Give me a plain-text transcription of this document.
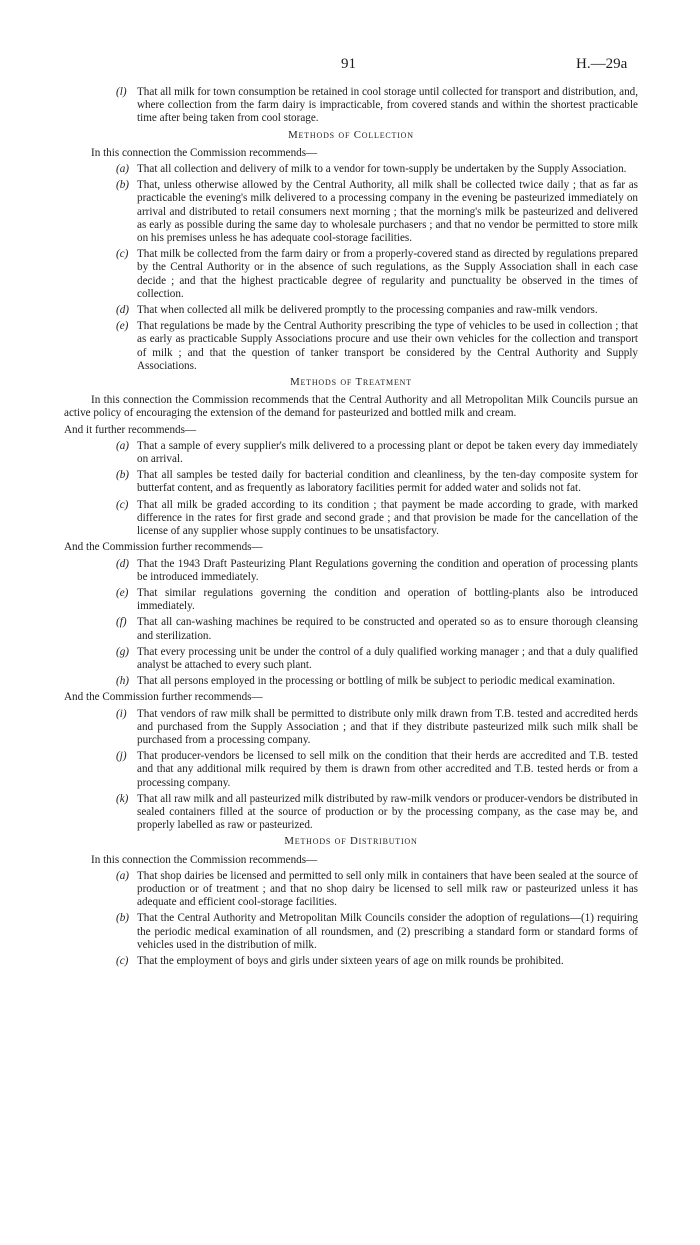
91	H.—29a
(l) That all milk for town consumption be retained in cool storage until collected for transport and distribution, and, where collection from the farm dairy is impracticable, from covered stands and within the shortest practicable time after being taken from cool storage.
Methods of Collection
In this connection the Commission recommends—
(a) That all collection and delivery of milk to a vendor for town-supply be undertaken by the Supply Association.
(b) That, unless otherwise allowed by the Central Authority, all milk shall be collected twice daily ; that as far as practicable the evening's milk delivered to a processing company in the evening be pasteurized immediately on arrival and distributed to retail consumers next morning ; that the morning's milk be pasteurized and delivered as early as possible during the same day to wholesale purchasers ; and that no vendor be permitted to store milk on his premises unless he has adequate cool-storage facilities.
(c) That milk be collected from the farm dairy or from a properly-covered stand as directed by regulations prepared by the Central Authority or in the absence of such regulations, as the Supply Association shall in each case decide ; and that the highest practicable degree of regularity and punctuality be observed in the times of collection.
(d) That when collected all milk be delivered promptly to the processing companies and raw-milk vendors.
(e) That regulations be made by the Central Authority prescribing the type of vehicles to be used in collection ; that as early as practicable Supply Associations procure and use their own vehicles for the collection and transport of milk ; and that the question of tanker transport be considered by the Central Authority and Supply Associations.
Methods of Treatment
In this connection the Commission recommends that the Central Authority and all Metropolitan Milk Councils pursue an active policy of encouraging the extension of the demand for pasteurized and bottled milk and cream.
And it further recommends—
(a) That a sample of every supplier's milk delivered to a processing plant or depot be taken every day immediately on arrival.
(b) That all samples be tested daily for bacterial condition and cleanliness, by the ten-day composite system for butterfat content, and as frequently as laboratory facilities permit for added water and solids not fat.
(c) That all milk be graded according to its condition ; that payment be made according to grade, with marked difference in the rates for first grade and second grade ; and that provision be made for the cancellation of the license of any supplier whose supply continues to be unsatisfactory.
And the Commission further recommends—
(d) That the 1943 Draft Pasteurizing Plant Regulations governing the condition and operation of processing plants be introduced immediately.
(e) That similar regulations governing the condition and operation of bottling-plants also be introduced immediately.
(f) That all can-washing machines be required to be constructed and operated so as to ensure thorough cleansing and sterilization.
(g) That every processing unit be under the control of a duly qualified working manager ; and that a duly qualified analyst be attached to every such plant.
(h) That all persons employed in the processing or bottling of milk be subject to periodic medical examination.
And the Commission further recommends—
(i) That vendors of raw milk shall be permitted to distribute only milk drawn from T.B. tested and accredited herds and purchased from the Supply Association ; and that if they distribute pasteurized milk such milk shall be purchased from a processing company.
(j) That producer-vendors be licensed to sell milk on the condition that their herds are accredited and T.B. tested and that any additional milk required by them is drawn from other accredited and T.B. tested herds or from a processing company.
(k) That all raw milk and all pasteurized milk distributed by raw-milk vendors or producer-vendors be distributed in sealed containers filled at the source of production or by the processing company, as the case may be, and properly labelled as raw or pasteurized.
Methods of Distribution
In this connection the Commission recommends—
(a) That shop dairies be licensed and permitted to sell only milk in containers that have been sealed at the source of production or of treatment ; and that no shop dairy be licensed to sell milk raw or pasteurized unless it has adequate and efficient cool-storage facilities.
(b) That the Central Authority and Metropolitan Milk Councils consider the adoption of regulations—(1) requiring the periodic medical examination of all roundsmen, and (2) prescribing a standard form or standard forms of vehicles used in the distribution of milk.
(c) That the employment of boys and girls under sixteen years of age on milk rounds be prohibited.
